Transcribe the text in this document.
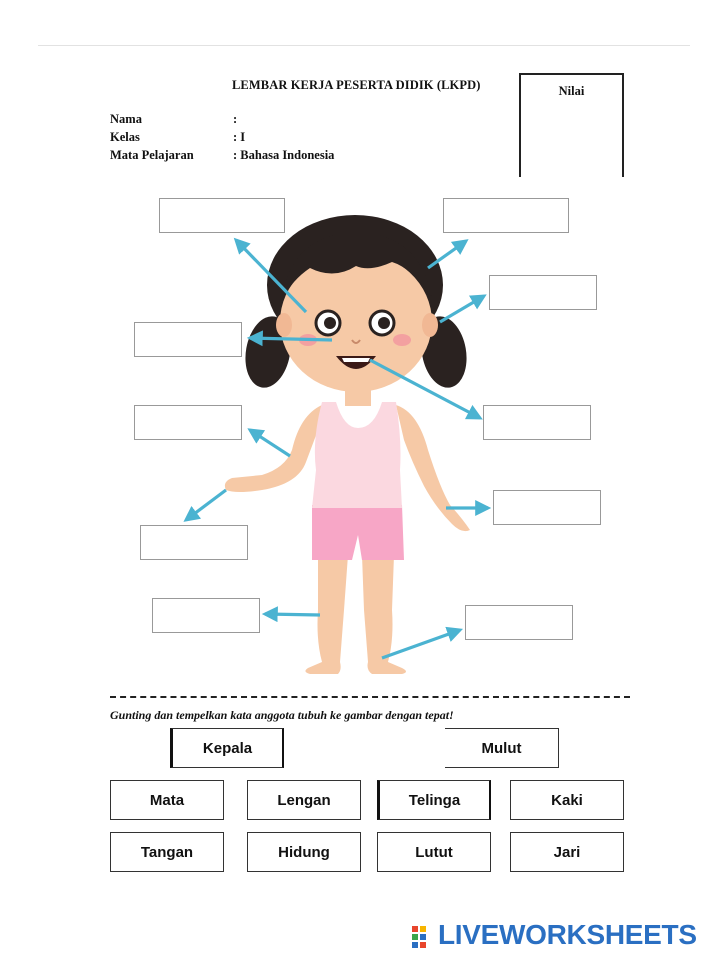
LEMBAR KERJA PESERTA DIDIK (LKPD)	Nilai
Nama	:
Kelas	: I
Mata Pelajaran	: Bahasa Indonesia
Gunting dan tempelkan kata anggota tubuh ke gambar dengan tepat!
Kepala	Mulut
Mata	Lengan	Telinga	Kaki
Tangan	Hidung	Lutut	Jari
LIVEWORKSHEETS
